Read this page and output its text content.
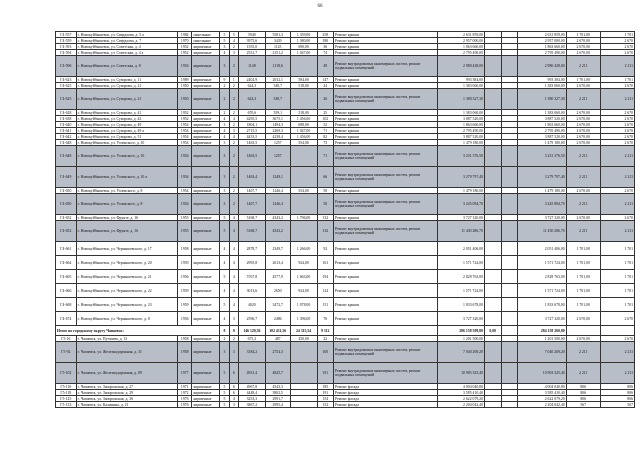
66
Г4-557	г. Новокуйбышевск, ул. Свердлова, д. 5 а	1984	панельные	5	5	5940	5581,3	1 359,00	258	Ремонт крыши	2 631 859,00			2 631 859,00	1 701,00	1 701
Г4-559	г. Новокуйбышевск, ул. Свердлова, д. 7	1970	панельные	5	4	3975,6	3439	1 380,00	180	Ремонт крыши	2 957 000,00			2 957 000,00	2 670,00	2 670
Г4-593	г. Новокуйбышевск, ул. Советская, д. 4	1952	кирпичные	3	2	1555,0	1125	690,00	36	Ремонт крыши	1 863 660,00			1 863 660,00	2 670,00	2 670
Г4-594	г. Новокуйбышевск, ул. Советская, д. 4 а	1952	кирпичные	4	3	2531,7	2151,2	1 047,00	74	Ремонт крыши	2 795 490,00			2 795 490,00	2 670,00	2 670
Г4-596	г. Новокуйбышевск, ул. Советская, д. 8	1954	кирпичные	3	2	1148	1118,6		49	Ремонт внутридомовых инженерных систем, ремонт подвальных помещений	2 980 428,00			2 980 428,00	2 211	2 211
Г4-623	г. Новокуйбышевск, ул. Суворова, д. 11	1989	кирпичные	9	1	2402,9	2032,1	584,00	147	Ремонт крыши	993 384,00			993 384,00	1 701,00	1 701
Г4-625	г. Новокуйбышевск, ул. Суворова, д. 21	1950	кирпичные	2	2	624,3	548,7	518,00	24	Ремонт крыши	1 383 060,00			1 383 060,00	2 670,00	2 670
Г4-625	г. Новокуйбышевск, ул. Суворова, д. 21	1950	кирпичные	2	2	624,3	548,7		26	Ремонт внутридомовых инженерных систем, ремонт подвальных помещений	1 380 327,30			1 380 327,30	2 211	2 211
Г4-628	г. Новокуйбышевск, ул. Суворова, д. 41	1952	кирпичные	2	2	670,6	559,1	518,00	25	Ремонт крыши	1 383 060,00			1 383 060,00	2 670,00	2 670
Г4-638	г. Новокуйбышевск, ул. Суворова, д. 43	1952	кирпичные	4	4	4295,5	3675,1	1 456,00	102	Ремонт крыши	3 887 520,00			3 887 520,00	2 670,00	2 670
Г4-640	г. Новокуйбышевск, ул. Суворова, д. 49	1954	кирпичные	3	2	1804,1	1494,3	698,00	52	Ремонт крыши	1 863 660,00			1 863 660,00	2 670,00	2 670
Г4-641	г. Новокуйбышевск, ул. Суворова, д. 49 а	1954	кирпичные	4	3	2715,5	2269,3	1 047,00	71	Ремонт крыши	2 795 490,00			2 795 490,00	2 670,00	2 670
Г4-642	г. Новокуйбышевск, ул. Суворова, д. 51	1954	кирпичные	4	4	4433,5	4238,4	1 456,00	82	Ремонт крыши	3 887 520,00			3 887 520,00	2 670,00	2 670
Г4-648	г. Новокуйбышевск, ул. Успенского, д. 10	1954	кирпичные	3	2	1463,5	1257	554,00	73	Ремонт крыши	1 479 180,00			1 479 180,00	2 670,00	2 670
Г4-648	г. Новокуйбышевск, ул. Успенского, д. 10	1954	кирпичные	3	2	1463,5	1257		71	Ремонт внутридомовых инженерных систем, ремонт подвальных помещений	3 231 376,50			3 231 376,50	2 211	2 211
Г4-649	г. Новокуйбышевск, ул. Успенского, д. 10 а	1954	кирпичные	3	2	1463,4	1249,1		66	Ремонт внутридомовых инженерных систем, ремонт подвальных помещений	3 279 797,40			3 279 797,40	2 211	2 211
Г4-650	г. Новокуйбышевск, ул. Успенского, д. 8	1954	кирпичные	3	2	1467,7	1246,4	554,00	50	Ремонт крыши	1 479 180,00			1 479 180,00	2 670,00	2 670
Г4-650	г. Новокуйбышевск, ул. Успенского, д. 8	1954	кирпичные	3	2	1467,7	1246,4		50	Ремонт внутридомовых инженерных систем, ремонт подвальных помещений	3 245 084,70			3 245 084,70	2 211	2 211
Г4-652	г. Новокуйбышевск, ул. Фрунзе, д. 16	1955	кирпичные	5	4	5168,7	4343,2	1 796,00	132	Ремонт крыши	3 727 320,00			3 727 320,00	2 670,00	2 670
Г4-652	г. Новокуйбышевск, ул. Фрунзе, д. 16	1955	кирпичные	5	4	5168,7	4343,2		132	Ремонт внутридомовых инженерных систем, ремонт подвальных помещений	11 430 286,70			11 430 286,70	2 211	2 211
Г4-661	г. Новокуйбышевск, ул. Чернышевского, д. 17	1958	кирпичные	4	4	2878,7	2349,7	1 266,00	92	Ремонт крыши	2 051 406,00			2 051 406,00	1 701,00	1 701
Г4-664	г. Новокуйбышевск, ул. Чернышевского, д. 20	1959	кирпичные	4	4	2995,8	2613,4	924,00	161	Ремонт крыши	1 571 724,00			1 571 724,00	1 701,00	1 701
Г4-665	г. Новокуйбышевск, ул. Чернышевского, д. 21	1956	кирпичные	5	4	5767,8	4577,9	1 663,00	194	Ремонт крыши	2 828 763,00			2 828 763,00	1 701,00	1 701
Г4-666	г. Новокуйбышевск, ул. Чернышевского, д. 22	1959	кирпичные	4	4	3013,6	2650	924,00	124	Ремонт крыши	1 571 724,00			1 571 724,00	1 701,00	1 701
Г4-668	г. Новокуйбышевск, ул. Чернышевского, д. 23	1959	кирпичные	5	4	4020	3472,7	1 078,00	151	Ремонт крыши	1 833 678,00			1 833 678,00	1 701,00	1 701
Г4-674	г. Новокуйбышевск, ул. Чернышевского, д. 8	1956	кирпичные	4	3	2596,7	2486	1 396,00	76	Ремонт крыши	3 727 320,00			3 727 320,00	2 670,00	2 670
Итого по городскому округу Чапаевск:				8	0	146 120,36	102 411,56	24 315,54	9 112		286 158 509,80	0,00		284 158 260,80		
Г5-16	г. Чапаевск, ул. Пугачева, д. 13	1958	кирпичные	2	2	675,2	487	450,00	22	Ремонт крыши	1 201 500,00			1 201 500,00	2 670,00	2 670
Г5-92	г. Чапаевск, ул. Железнодорожная, д. 31	1958	кирпичные	3	3	3184,2	2754,3		100	Ремонт внутридомовых инженерных систем, ремонт подвальных помещений	7 040 269,20			7 040 269,20	2 211	2 211
Г5-102	г. Чапаевск, ул. Железнодорожная, д. 89	1977	кирпичные	5	6	4931,4	4825,7		191	Ремонт внутридомовых инженерных систем, ремонт подвальных помещений	10 903 325,40			10 903 325,40	2 211	2 211
Г5-116	г. Чапаевск, ул. Запорожская, д. 27	1971	кирпичные	5	6	4967,8	4543,3		185	Ремонт фасада	4 004 040,80			4 004 040,80	806	806
Г5-118	г. Чапаевск, ул. Запорожская, д. 29	1972	кирпичные	5	6	4448,4	3802,5		191	Ремонт фасада	3 585 410,40			3 585 410,40	806	806
Г5-125	г. Чапаевск, ул. Запорожская, д. 36	1976	кирпичные	5	4	3253,3	2991,7		154	Ремонт фасада	2 622 079,20			2 622 079,20	806	806
Г5-133	г. Чапаевск, ул. Калинина, д. 21	1976	кирпичные	5	3	3867,2	2995,4		152	Ремонт фасада	2 204 042,40			2 204 042,40	567	567
